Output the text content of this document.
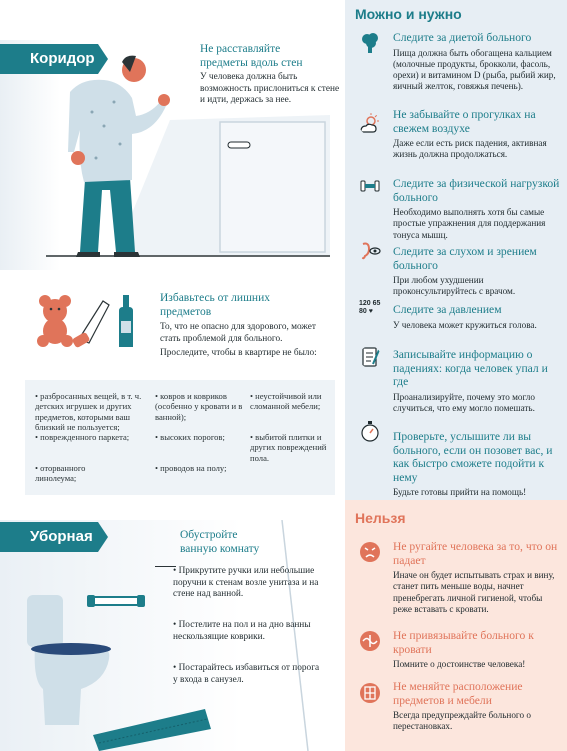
Коридор
Не расставляйте
предметы вдоль стен
У человека должна быть возможность прислониться к стене и идти, держась за нее.
Избавьтесь от лишних
предметов
То, что не опасно для здорового, может стать проблемой для больного.
Проследите, чтобы в квартире не было:
• разбросанных вещей, в т. ч. детских игрушек и других предметов, которыми ваш близкий не пользуется;
• поврежденного паркета;
• оторванного линолеума;
• ковров и ковриков (особенно у кровати и в ванной);
• высоких порогов;
• проводов на полу;
• неустойчивой или сломанной мебели;
• выбитой плитки и других повреждений пола.
Уборная	Обустройте
ванную комнату
• Прикрутите ручки или небольшие поручни к стенам возле унитаза и на стене над ванной.
• Постелите на пол и на дно ванны нескользящие коврики.
• Постарайтесь избавиться от порога у входа в санузел.
Можно и нужно
120 65
80 ♥
Следите за диетой больного
Пища должна быть обогащена кальцием (молочные продукты, брокколи, фасоль, орехи) и витамином D (рыба, рыбий жир, яичный желток, говяжья печень).
Не забывайте о прогулках на свежем воздухе
Даже если есть риск падения, активная жизнь должна продолжаться.
Следите за физической нагрузкой больного
Необходимо выполнять хотя бы самые простые упражнения для поддержания тонуса мышц.
Следите за слухом и зрением больного
При любом ухудшении проконсультируйтесь с врачом.
Следите за давлением
У человека может кружиться голова.
Записывайте информацию о падениях: когда человек упал и где
Проанализируйте, почему это могло случиться, что ему могло помешать.
Проверьте, услышите ли вы больного, если он позовет вас, и как быстро сможете подойти к нему
Будьте готовы прийти на помощь!
Нельзя
Не ругайте человека за то, что он падает
Иначе он будет испытывать страх и вину, станет пить меньше воды, начнет пренебрегать личной гигиеной, чтобы реже вставать с кровати.
Не привязывайте больного к кровати
Помните о достоинстве человека!
Не меняйте расположение предметов и мебели
Всегда предупреждайте больного о перестановках.
